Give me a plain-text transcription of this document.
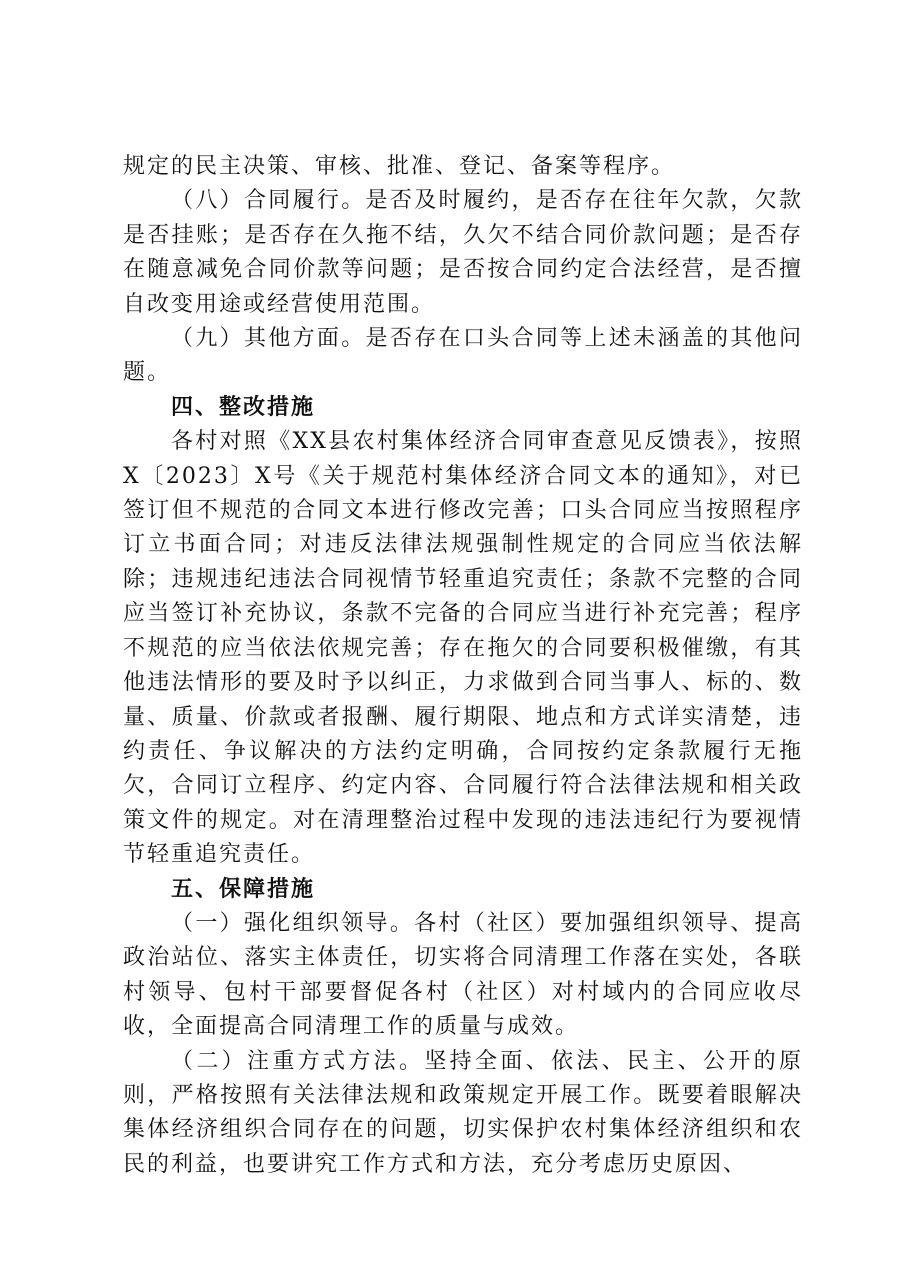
规定的民主决策、审核、批准、登记、备案等程序。

（八）合同履行。是否及时履约，是否存在往年欠款，欠款是否挂账；是否存在久拖不结，久欠不结合同价款问题；是否存在随意减免合同价款等问题；是否按合同约定合法经营，是否擅自改变用途或经营使用范围。

（九）其他方面。是否存在口头合同等上述未涵盖的其他问题。

四、整改措施

各村对照《XX县农村集体经济合同审查意见反馈表》，按照X〔2023〕X号《关于规范村集体经济合同文本的通知》，对已签订但不规范的合同文本进行修改完善；口头合同应当按照程序订立书面合同；对违反法律法规强制性规定的合同应当依法解除；违规违纪违法合同视情节轻重追究责任；条款不完整的合同应当签订补充协议，条款不完备的合同应当进行补充完善；程序不规范的应当依法依规完善；存在拖欠的合同要积极催缴，有其他违法情形的要及时予以纠正，力求做到合同当事人、标的、数量、质量、价款或者报酬、履行期限、地点和方式详实清楚，违约责任、争议解决的方法约定明确，合同按约定条款履行无拖欠，合同订立程序、约定内容、合同履行符合法律法规和相关政策文件的规定。对在清理整治过程中发现的违法违纪行为要视情节轻重追究责任。

五、保障措施

（一）强化组织领导。各村（社区）要加强组织领导、提高政治站位、落实主体责任，切实将合同清理工作落在实处，各联村领导、包村干部要督促各村（社区）对村域内的合同应收尽收，全面提高合同清理工作的质量与成效。

（二）注重方式方法。坚持全面、依法、民主、公开的原则，严格按照有关法律法规和政策规定开展工作。既要着眼解决集体经济组织合同存在的问题，切实保护农村集体经济组织和农民的利益，也要讲究工作方式和方法，充分考虑历史原因、
